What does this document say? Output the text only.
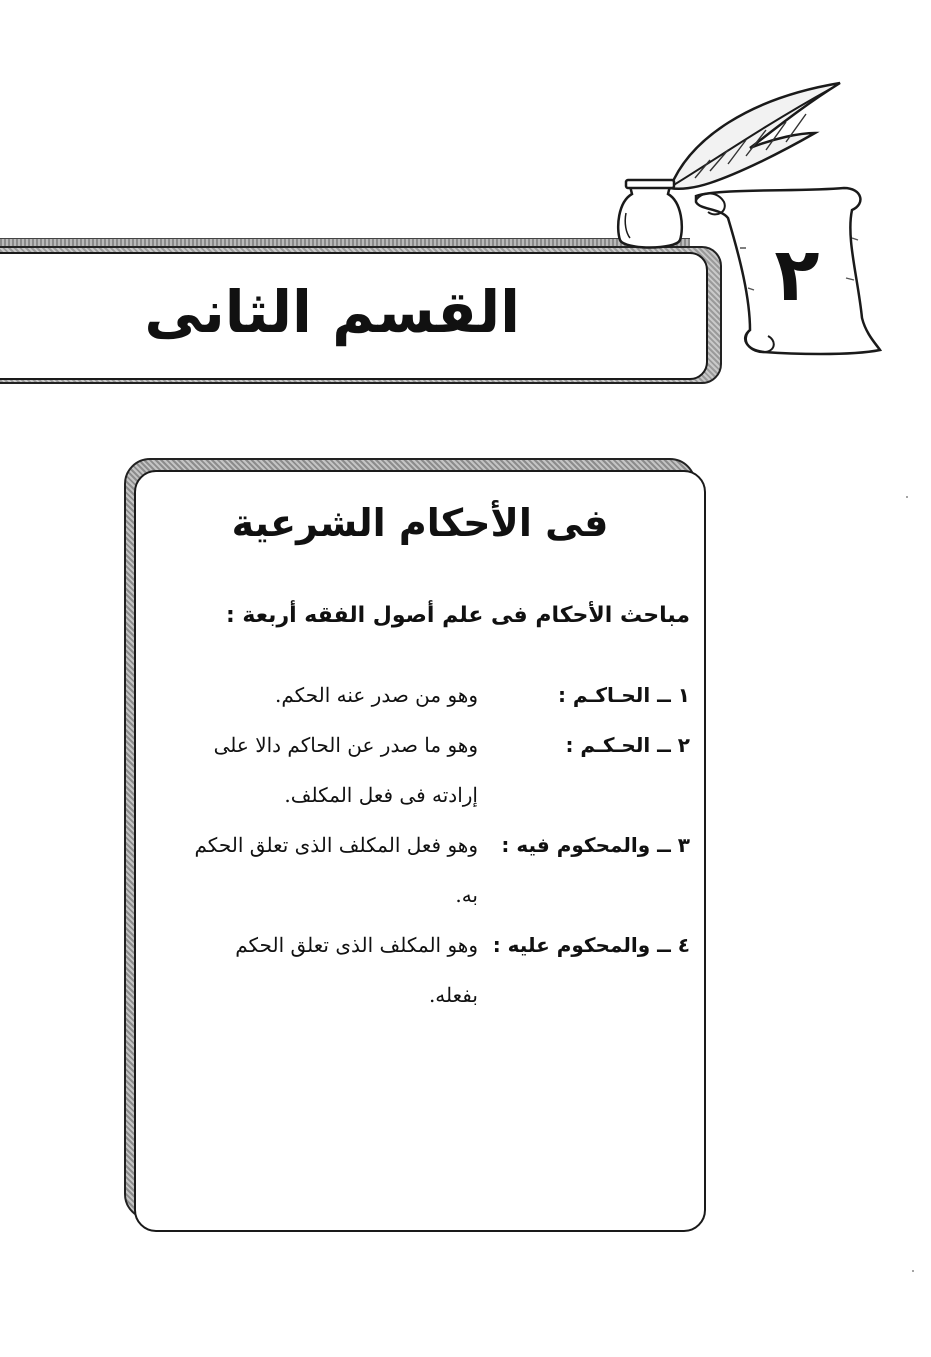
القسم الثانى	٢
فى الأحكام الشرعية

مباحث الأحكام فى علم أصول الفقه أربعة :

١ ــ الحـاكـم :
وهو من صدر عنه الحكم.
٢ ــ الحـكـم :
وهو ما صدر عن الحاكم دالا على إرادته فى فعل المكلف.
٣ ــ والمحكوم فيه :
وهو فعل المكلف الذى تعلق الحكم به.
٤ ــ والمحكوم عليه :
وهو المكلف الذى تعلق الحكم بفعله.
